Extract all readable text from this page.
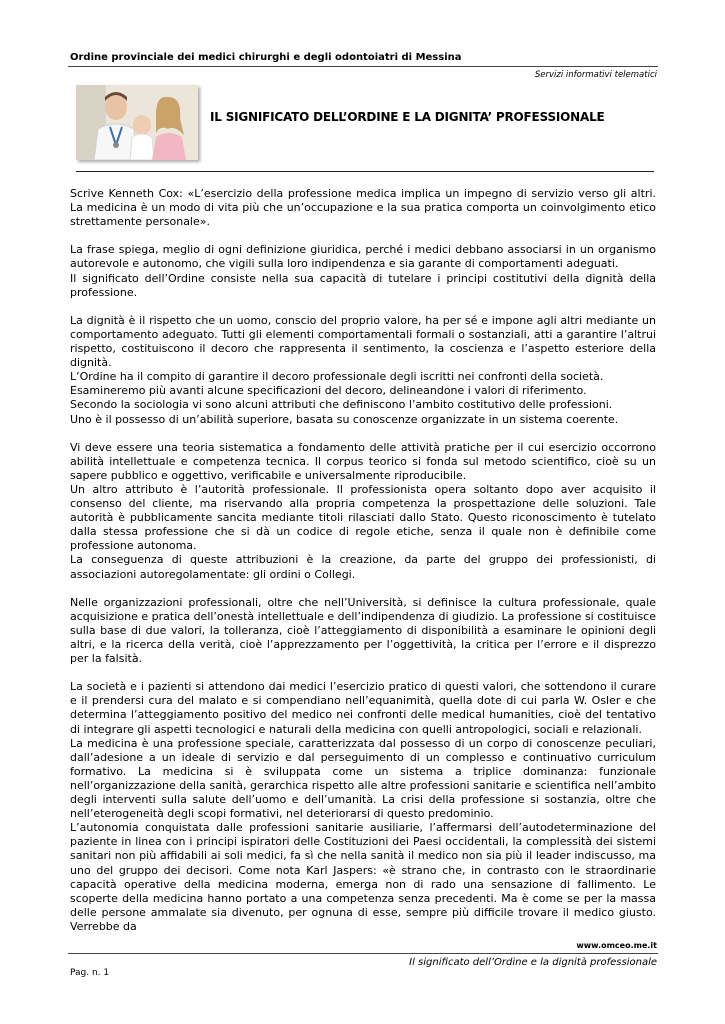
Ordine provinciale dei medici chirurghi e degli odontoiatri di Messina
Servizi informativi telematici
IL SIGNIFICATO DELL’ORDINE E LA DIGNITA’ PROFESSIONALE

Scrive Kenneth Cox: «L’esercizio della professione medica implica un impegno di servizio verso gli altri. La medicina è un modo di vita più che un’occupazione e la sua pratica comporta un coinvolgimento etico strettamente personale».

La frase spiega, meglio di ogni definizione giuridica, perché i medici debbano associarsi in un organismo autorevole e autonomo, che vigili sulla loro indipendenza e sia garante di comportamenti adeguati.
Il significato dell’Ordine consiste nella sua capacità di tutelare i principi costitutivi della dignità della professione.

La dignità è il rispetto che un uomo, conscio del proprio valore, ha per sé e impone agli altri mediante un comportamento adeguato. Tutti gli elementi comportamentali formali o sostanziali, atti a garantire l’altrui rispetto, costituiscono il decoro che rappresenta il sentimento, la coscienza e l’aspetto esteriore della dignità.
L’Ordine ha il compito di garantire il decoro professionale degli iscritti nei confronti della società.
Esamineremo più avanti alcune specificazioni del decoro, delineandone i valori di riferimento.
Secondo la sociologia vi sono alcuni attributi che definiscono l’ambito costitutivo delle professioni.
Uno è il possesso di un’abilità superiore, basata su conoscenze organizzate in un sistema coerente.

Vi deve essere una teoria sistematica a fondamento delle attività pratiche per il cui esercizio occorrono abilità intellettuale e competenza tecnica. Il corpus teorico si fonda sul metodo scientifico, cioè su un sapere pubblico e oggettivo, verificabile e universalmente riproducibile.
Un altro attributo è l’autorità professionale. Il professionista opera soltanto dopo aver acquisito il consenso del cliente, ma riservando alla propria competenza la prospettazione delle soluzioni. Tale autorità è pubblicamente sancita mediante titoli rilasciati dallo Stato. Questo riconoscimento è tutelato dalla stessa professione che si dà un codice di regole etiche, senza il quale non è definibile come professione autonoma.
La conseguenza di queste attribuzioni è la creazione, da parte del gruppo dei professionisti, di associazioni autoregolamentate: gli ordini o Collegi.

Nelle organizzazioni professionali, oltre che nell’Università, si definisce la cultura professionale, quale acquisizione e pratica dell’onestà intellettuale e dell’indipendenza di giudizio. La professione si costituisce sulla base di due valori, la tolleranza, cioè l’atteggiamento di disponibilità a esaminare le opinioni degli altri, e la ricerca della verità, cioè l’apprezzamento per l’oggettività, la critica per l’errore e il disprezzo per la falsità.

La società e i pazienti si attendono dai medici l’esercizio pratico di questi valori, che sottendono il curare e il prendersi cura del malato e si compendiano nell’equanimità, quella dote di cui parla W. Osler e che determina l’atteggiamento positivo del medico nei confronti delle medical humanities, cioè del tentativo di integrare gli aspetti tecnologici e naturali della medicina con quelli antropologici, sociali e relazionali.
La medicina è una professione speciale, caratterizzata dal possesso di un corpo di conoscenze peculiari, dall’adesione a un ideale di servizio e dal perseguimento di un complesso e continuativo curriculum formativo. La medicina si è sviluppata come un sistema a triplice dominanza: funzionale nell’organizzazione della sanità, gerarchica rispetto alle altre professioni sanitarie e scientifica nell’ambito degli interventi sulla salute dell’uomo e dell’umanità. La crisi della professione si sostanzia, oltre che nell’eterogeneità degli scopi formativi, nel deteriorarsi di questo predominio.
L’autonomia conquistata dalle professioni sanitarie ausiliarie, l’affermarsi dell’autodeterminazione del paziente in linea con i principi ispiratori delle Costituzioni dei Paesi occidentali, la complessità dei sistemi sanitari non più affidabili ai soli medici, fa sì che nella sanità il medico non sia più il leader indiscusso, ma uno del gruppo dei decisori. Come nota Karl Jaspers: «è strano che, in contrasto con le straordinarie capacità operative della medicina moderna, emerga non di rado una sensazione di fallimento. Le scoperte della medicina hanno portato a una competenza senza precedenti. Ma è come se per la massa delle persone ammalate sia divenuto, per ognuna di esse, sempre più difficile trovare il medico giusto. Verrebbe da

www.omceo.me.it
Il significato dell’Ordine e la dignità professionale
Pag. n. 1
